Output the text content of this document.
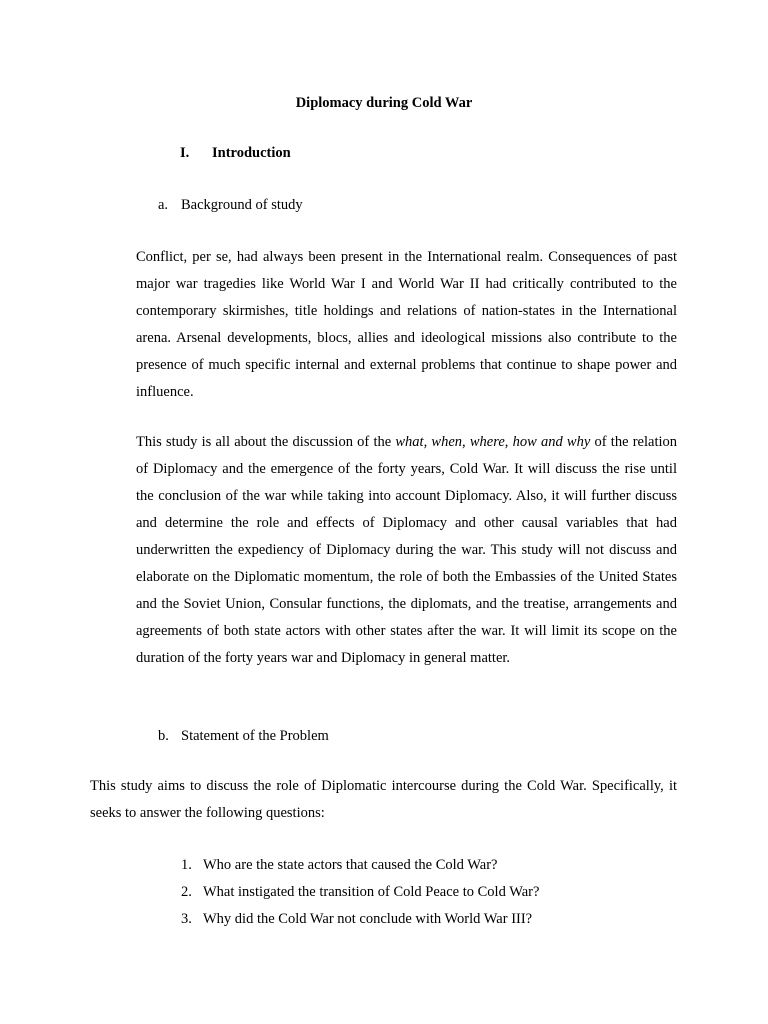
Diplomacy during Cold War
I. Introduction
a. Background of study

Conflict, per se, had always been present in the International realm. Consequences of past major war tragedies like World War I and World War II had critically contributed to the contemporary skirmishes, title holdings and relations of nation-states in the International arena. Arsenal developments, blocs, allies and ideological missions also contribute to the presence of much specific internal and external problems that continue to shape power and influence.

This study is all about the discussion of the what, when, where, how and why of the relation of Diplomacy and the emergence of the forty years, Cold War. It will discuss the rise until the conclusion of the war while taking into account Diplomacy. Also, it will further discuss and determine the role and effects of Diplomacy and other causal variables that had underwritten the expediency of Diplomacy during the war. This study will not discuss and elaborate on the Diplomatic momentum, the role of both the Embassies of the United States and the Soviet Union, Consular functions, the diplomats, and the treatise, arrangements and agreements of both state actors with other states after the war. It will limit its scope on the duration of the forty years war and Diplomacy in general matter.

b. Statement of the Problem

This study aims to discuss the role of Diplomatic intercourse during the Cold War. Specifically, it seeks to answer the following questions:

1. Who are the state actors that caused the Cold War?
2. What instigated the transition of Cold Peace to Cold War?
3. Why did the Cold War not conclude with World War III?
